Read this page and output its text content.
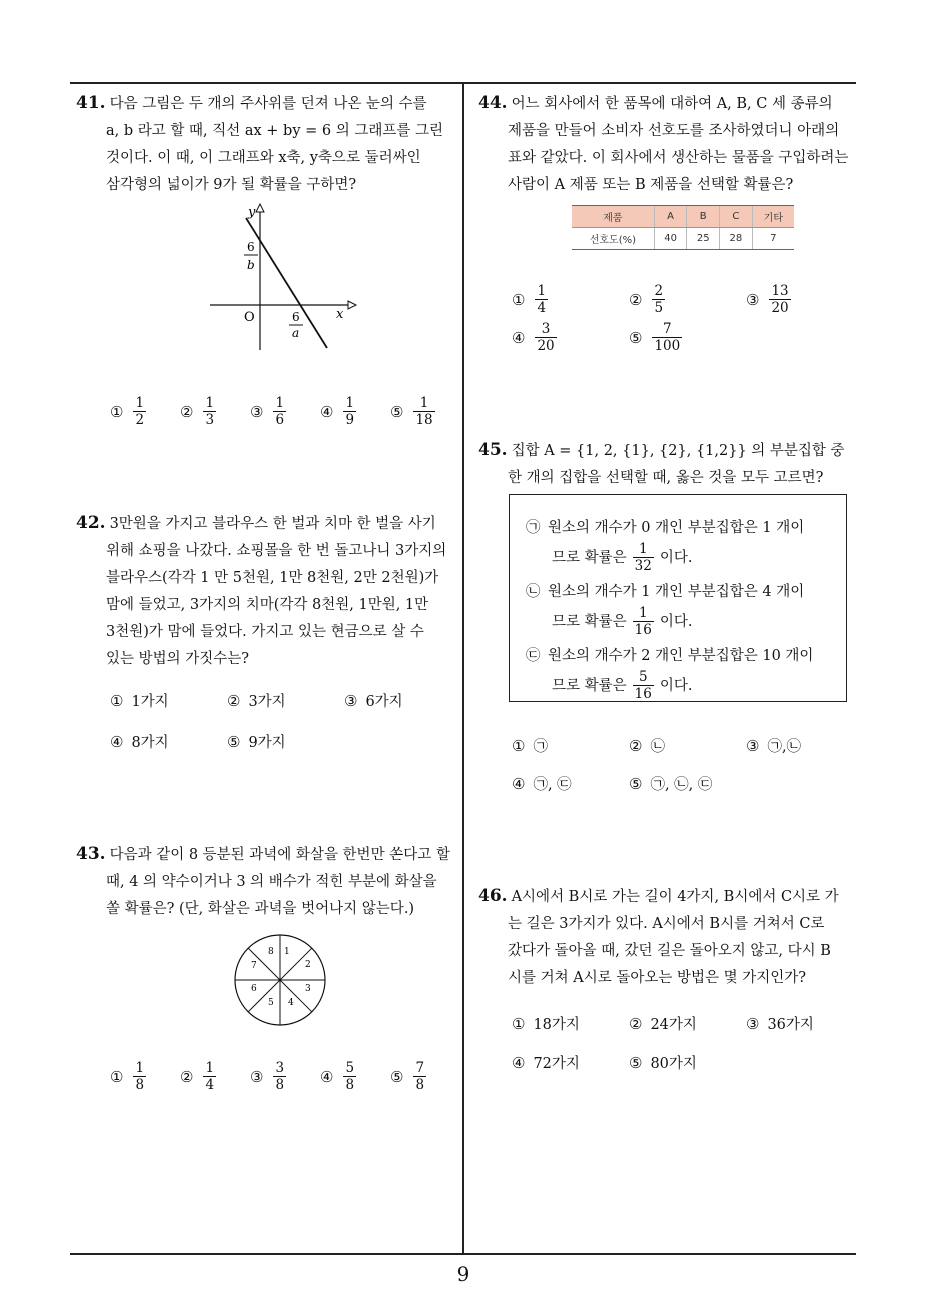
41. 다음 그림은 두 개의 주사위를 던져 나온 눈의 수를

a, b 라고 할 때, 직선 ax + by = 6 의 그래프를 그린

것이다. 이 때, 이 그래프와 x축, y축으로 둘러싸인

삼각형의 넓이가 9가 될 확률을 구하면?

y
x
O
6
b
6
a
① $\frac{1}{2}$ ② $\frac{1}{3}$ ③ $\frac{1}{6}$ ④ $\frac{1}{9}$ ⑤ $\frac{1}{18}$

42. 3만원을 가지고 블라우스 한 벌과 치마 한 벌을 사기

위해 쇼핑을 나갔다. 쇼핑몰을 한 번 돌고나니 3가지의

블라우스(각각 1 만 5천원, 1만 8천원, 2만 2천원)가

맘에 들었고, 3가지의 치마(각각 8천원, 1만원, 1만

3천원)가 맘에 들었다. 가지고 있는 현금으로 살 수

있는 방법의 가짓수는?

① 1가지	② 3가지	③ 6가지
④ 8가지	⑤ 9가지

43. 다음과 같이 8 등분된 과녁에 화살을 한번만 쏜다고 할

때, 4 의 약수이거나 3 의 배수가 적힌 부분에 화살을

쏠 확률은? (단, 화살은 과녁을 벗어나지 않는다.)

1
2
3
4
5
6
7
8
① $\frac{1}{8}$ ② $\frac{1}{4}$ ③ $\frac{3}{8}$ ④ $\frac{5}{8}$ ⑤ $\frac{7}{8}$

44. 어느 회사에서 한 품목에 대하여 A, B, C 세 종류의

제품을 만들어 소비자 선호도를 조사하였더니 아래의

표와 같았다. 이 회사에서 생산하는 물품을 구입하려는

사람이 A 제품 또는 B 제품을 선택할 확률은?

제품	A	B	C	기타
선호도(%)	40	25	28	7
① $\frac{1}{4}$	② $\frac{2}{5}$	③ $\frac{13}{20}$
④ $\frac{3}{20}$	⑤ $\frac{7}{100}$

45. 집합 A = {1, 2, {1}, {2}, {1,2}} 의 부분집합 중

한 개의 집합을 선택할 때, 옳은 것을 모두 고르면?

㉠ 원소의 개수가 0 개인 부분집합은 1 개이
므로 확률은 $\frac{1}{32}$ 이다.
㉡ 원소의 개수가 1 개인 부분집합은 4 개이
므로 확률은 $\frac{1}{16}$ 이다.
㉢ 원소의 개수가 2 개인 부분집합은 10 개이
므로 확률은 $\frac{5}{16}$ 이다.
① ㉠	② ㉡	③ ㉠,㉡
④ ㉠, ㉢	⑤ ㉠, ㉡, ㉢

46. A시에서 B시로 가는 길이 4가지, B시에서 C시로 가

는 길은 3가지가 있다. A시에서 B시를 거쳐서 C로

갔다가 돌아올 때, 갔던 길은 돌아오지 않고, 다시 B

시를 거쳐 A시로 돌아오는 방법은 몇 가지인가?

① 18가지	② 24가지	③ 36가지
④ 72가지	⑤ 80가지
9
